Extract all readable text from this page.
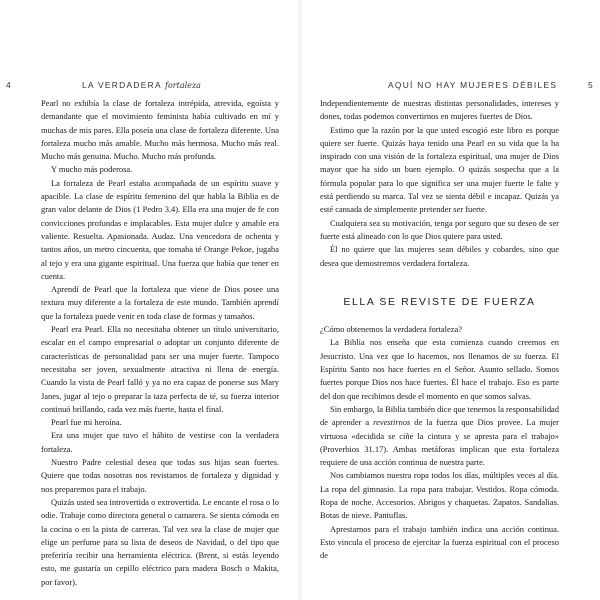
4	LA VERDADERA fortaleza

Pearl no exhibía la clase de fortaleza intrépida, atrevida, egoísta y demandante que el movimiento feminista había cultivado en mí y muchas de mis pares. Ella poseía una clase de fortaleza diferente. Una fortaleza mucho más amable. Mucho más hermosa. Mucho más real. Mucho más genuina. Mucho. Mucho más profunda.

Y mucho más poderosa.

La fortaleza de Pearl estaba acompañada de un espíritu suave y apacible. La clase de espíritu femenino del que habla la Biblia es de gran valor delante de Dios (1 Pedro 3.4). Ella era una mujer de fe con convicciones profundas e implacables. Esta mujer dulce y amable era valiente. Resuelta. Apasionada. Audaz. Una vencedora de ochenta y tantos años, un metro cincuenta, que tomaba té Orange Pekoe, jugaba al tejo y era una gigante espiritual. Una fuerza que había que tener en cuenta.

Aprendí de Pearl que la fortaleza que viene de Dios posee una textura muy diferente a la fortaleza de este mundo. También aprendí que la fortaleza puede venir en toda clase de formas y tamaños.

Pearl era Pearl. Ella no necesitaba obtener un título universitario, escalar en el campo empresarial o adoptar un conjunto diferente de características de personalidad para ser una mujer fuerte. Tampoco necesitaba ser joven, sexualmente atractiva ni llena de energía. Cuando la vista de Pearl falló y ya no era capaz de ponerse sus Mary Janes, jugar al tejo o preparar la taza perfecta de té, su fuerza interior continuó brillando, cada vez más fuerte, hasta el final.

Pearl fue mi heroína.

Era una mujer que tuvo el hábito de vestirse con la verdadera fortaleza.

Nuestro Padre celestial desea que todas sus hijas sean fuertes. Quiere que todas nosotras nos revistamos de fortaleza y dignidad y nos preparemos para el trabajo.

Quizás usted sea introvertida o extrovertida. Le encante el rosa o lo odie. Trabaje como directora general o camarera. Se sienta cómoda en la cocina o en la pista de carreras. Tal vez sea la clase de mujer que elige un perfume para su lista de deseos de Navidad, o del tipo que preferiría recibir una herramienta eléctrica. (Brent, si estás leyendo esto, me gustaría un cepillo eléctrico para madera Bosch o Makita, por favor).

AQUÍ NO HAY MUJERES DÉBILES	5

Independientemente de nuestras distintas personalidades, intereses y dones, todas podemos convertirnos en mujeres fuertes de Dios.

Estimo que la razón por la que usted escogió este libro es porque quiere ser fuerte. Quizás haya tenido una Pearl en su vida que la ha inspirado con una visión de la fortaleza espiritual, una mujer de Dios mayor que ha sido un buen ejemplo. O quizás sospecha que a la fórmula popular para lo que significa ser una mujer fuerte le falte y está perdiendo su marca. Tal vez se sienta débil e incapaz. Quizás ya esté cansada de simplemente pretender ser fuerte.

Cualquiera sea su motivación, tenga por seguro que su deseo de ser fuerte está alineado con lo que Dios quiere para usted.

Él no quiere que las mujeres sean débiles y cobardes, sino que desea que demostremos verdadera fortaleza.

ELLA SE REVISTE DE FUERZA

¿Cómo obtenemos la verdadera fortaleza?

La Biblia nos enseña que esta comienza cuando creemos en Jesucristo. Una vez que lo hacemos, nos llenamos de su fuerza. El Espíritu Santo nos hace fuertes en el Señor. Asunto sellado. Somos fuertes porque Dios nos hace fuertes. Él hace el trabajo. Eso es parte del don que recibimos desde el momento en que somos salvas.

Sin embargo, la Biblia también dice que tenemos la responsabilidad de aprender a revestirnos de la fuerza que Dios provee. La mujer virtuosa «decidida se ciñe la cintura y se apresta para el trabajo» (Proverbios 31.17). Ambas metáforas implican que esta fortaleza requiere de una acción continua de nuestra parte.

Nos cambiamos nuestra ropa todos los días, múltiples veces al día. La ropa del gimnasio. La ropa para trabajar. Vestidos. Ropa cómoda. Ropa de noche. Accesorios. Abrigos y chaquetas. Zapatos. Sandalias. Botas de nieve. Pantuflas.

Aprestarnos para el trabajo también indica una acción continua. Esto vincula el proceso de ejercitar la fuerza espiritual con el proceso de
